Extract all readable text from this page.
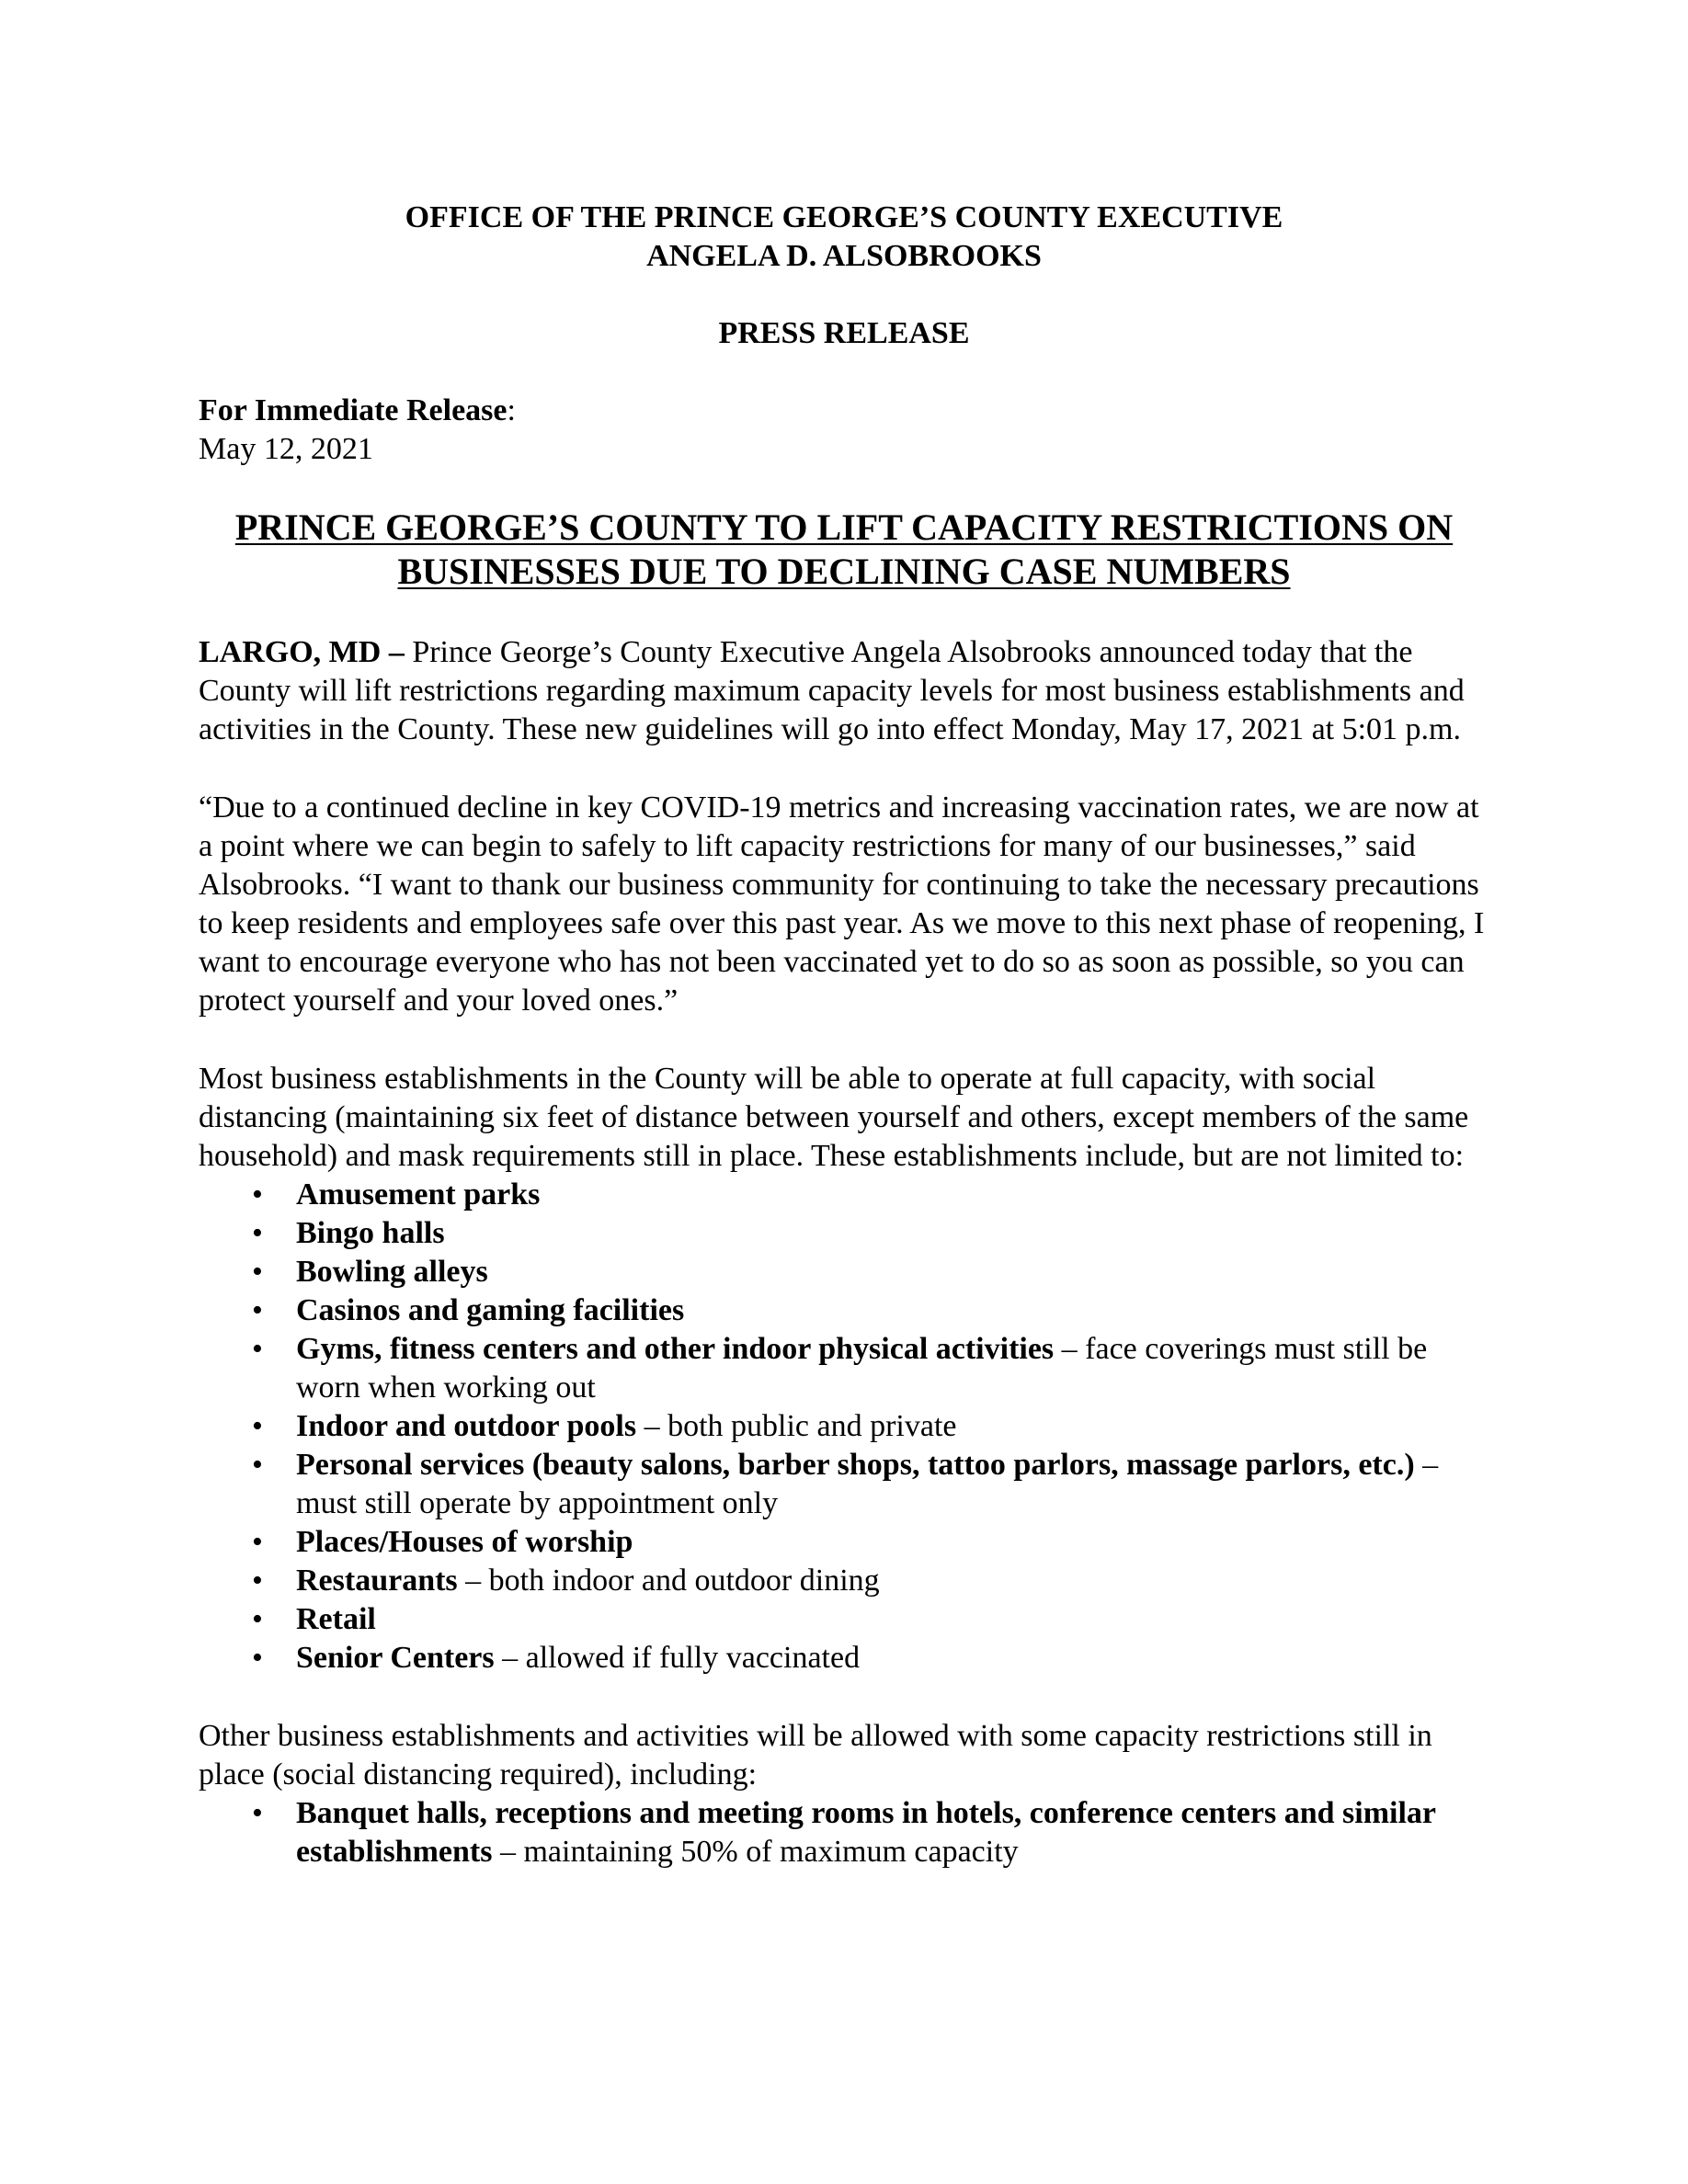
OFFICE OF THE PRINCE GEORGE’S COUNTY EXECUTIVE
ANGELA D. ALSOBROOKS
PRESS RELEASE
For Immediate Release:
May 12, 2021
PRINCE GEORGE’S COUNTY TO LIFT CAPACITY RESTRICTIONS ON
BUSINESSES DUE TO DECLINING CASE NUMBERS

LARGO, MD – Prince George’s County Executive Angela Alsobrooks announced today that the County will lift restrictions regarding maximum capacity levels for most business establishments and activities in the County. These new guidelines will go into effect Monday, May 17, 2021 at 5:01 p.m.

“Due to a continued decline in key COVID-19 metrics and increasing vaccination rates, we are now at a point where we can begin to safely to lift capacity restrictions for many of our businesses,” said Alsobrooks. “I want to thank our business community for continuing to take the necessary precautions to keep residents and employees safe over this past year. As we move to this next phase of reopening, I want to encourage everyone who has not been vaccinated yet to do so as soon as possible, so you can protect yourself and your loved ones.”

Most business establishments in the County will be able to operate at full capacity, with social distancing (maintaining six feet of distance between yourself and others, except members of the same household) and mask requirements still in place. These establishments include, but are not limited to:

• Amusement parks
• Bingo halls
• Bowling alleys
• Casinos and gaming facilities
• Gyms, fitness centers and other indoor physical activities – face coverings must still be worn when working out
• Indoor and outdoor pools – both public and private
• Personal services (beauty salons, barber shops, tattoo parlors, massage parlors, etc.) – must still operate by appointment only
• Places/Houses of worship
• Restaurants – both indoor and outdoor dining
• Retail
• Senior Centers – allowed if fully vaccinated

Other business establishments and activities will be allowed with some capacity restrictions still in place (social distancing required), including:

• Banquet halls, receptions and meeting rooms in hotels, conference centers and similar establishments – maintaining 50% of maximum capacity
